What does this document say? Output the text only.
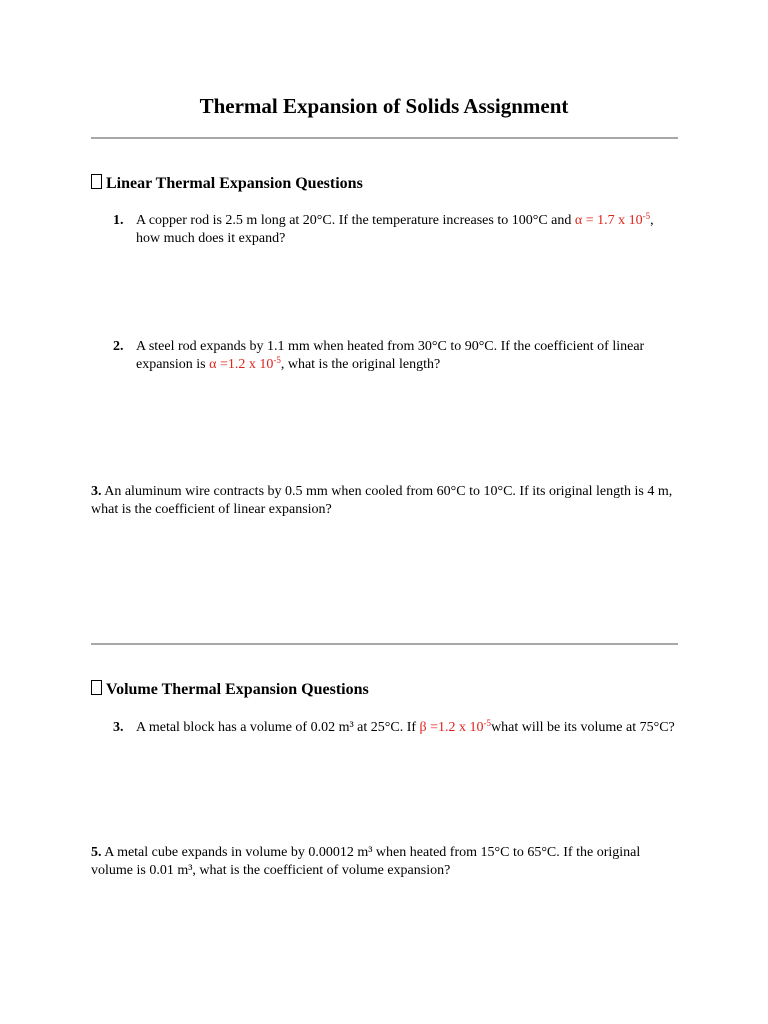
Thermal Expansion of Solids Assignment
Linear Thermal Expansion Questions
1. A copper rod is 2.5 m long at 20°C. If the temperature increases to 100°C and α = 1.7 x $10^{-5}$, how much does it expand?
2. A steel rod expands by 1.1 mm when heated from 30°C to 90°C. If the coefficient of linear expansion is α =1.2 x $10^{-5}$, what is the original length?
3. An aluminum wire contracts by 0.5 mm when cooled from 60°C to 10°C. If its original length is 4 m, what is the coefficient of linear expansion?
Volume Thermal Expansion Questions
3. A metal block has a volume of 0.02 m³ at 25°C. If β =1.2 x $10^{-5}what$ will be its volume at 75°C?
5. A metal cube expands in volume by 0.00012 m³ when heated from 15°C to 65°C. If the original volume is 0.01 m³, what is the coefficient of volume expansion?
